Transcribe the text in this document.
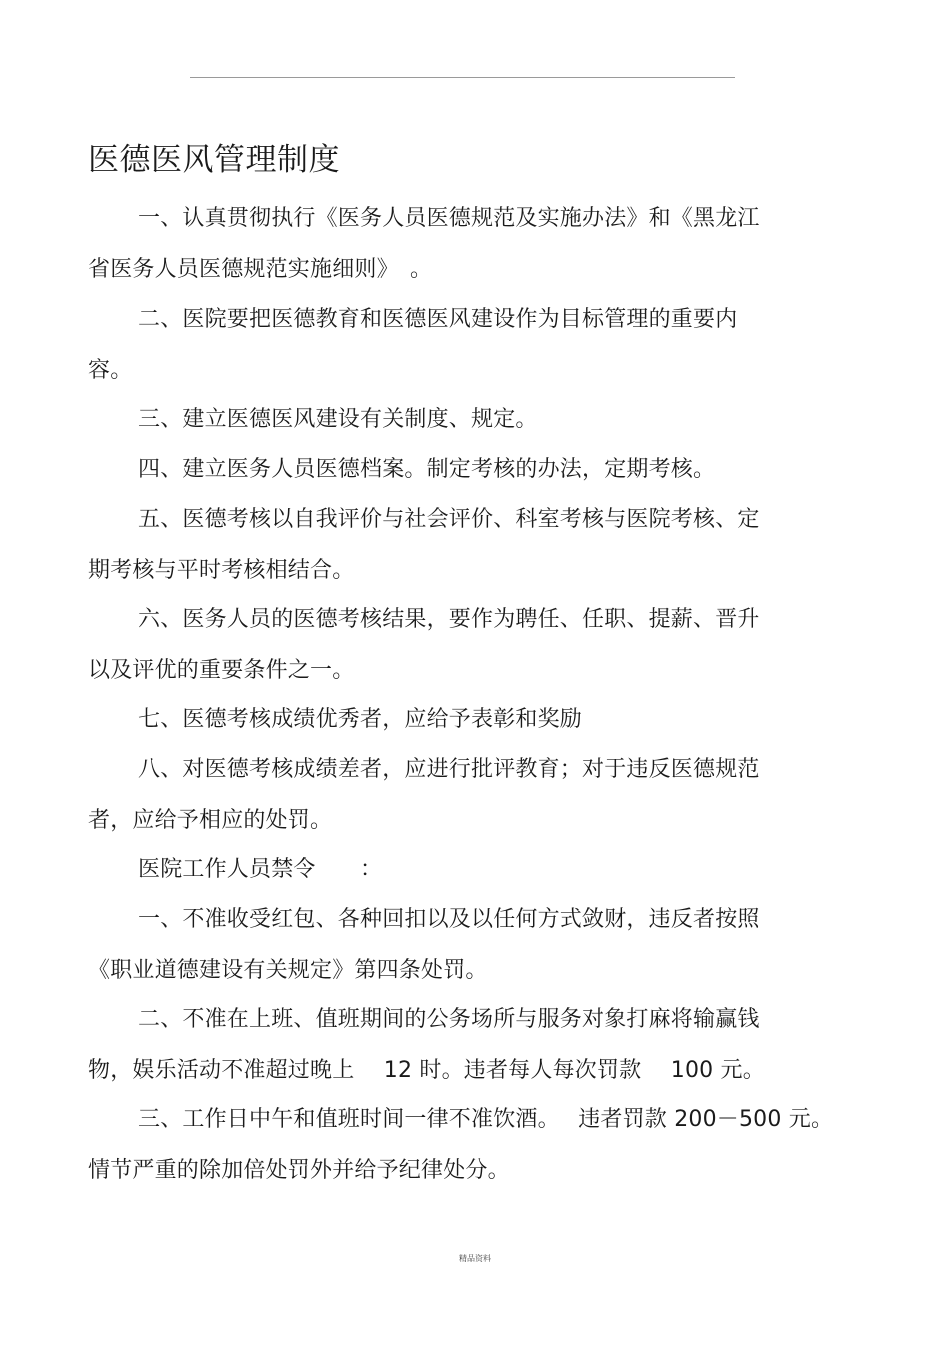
医德医风管理制度
一、认真贯彻执行《医务人员医德规范及实施办法》和《黑龙江
省医务人员医德规范实施细则》　。
二、医院要把医德教育和医德医风建设作为目标管理的重要内
容。
三、建立医德医风建设有关制度、规定。
四、建立医务人员医德档案。制定考核的办法，定期考核。
五、医德考核以自我评价与社会评价、科室考核与医院考核、定
期考核与平时考核相结合。
六、医务人员的医德考核结果，要作为聘任、任职、提薪、晋升
以及评优的重要条件之一。
七、医德考核成绩优秀者，应给予表彰和奖励
八、对医德考核成绩差者，应进行批评教育；对于违反医德规范
者，应给予相应的处罚。
医院工作人员禁令　　：
一、不准收受红包、各种回扣以及以任何方式敛财，违反者按照
《职业道德建设有关规定》第四条处罚。
二、不准在上班、值班期间的公务场所与服务对象打麻将输赢钱
物，娱乐活动不准超过晚上　 12 时。违者每人每次罚款　 100 元。
三、工作日中午和值班时间一律不准饮酒。　 违者罚款 200－500 元。
情节严重的除加倍处罚外并给予纪律处分。
精品资料
